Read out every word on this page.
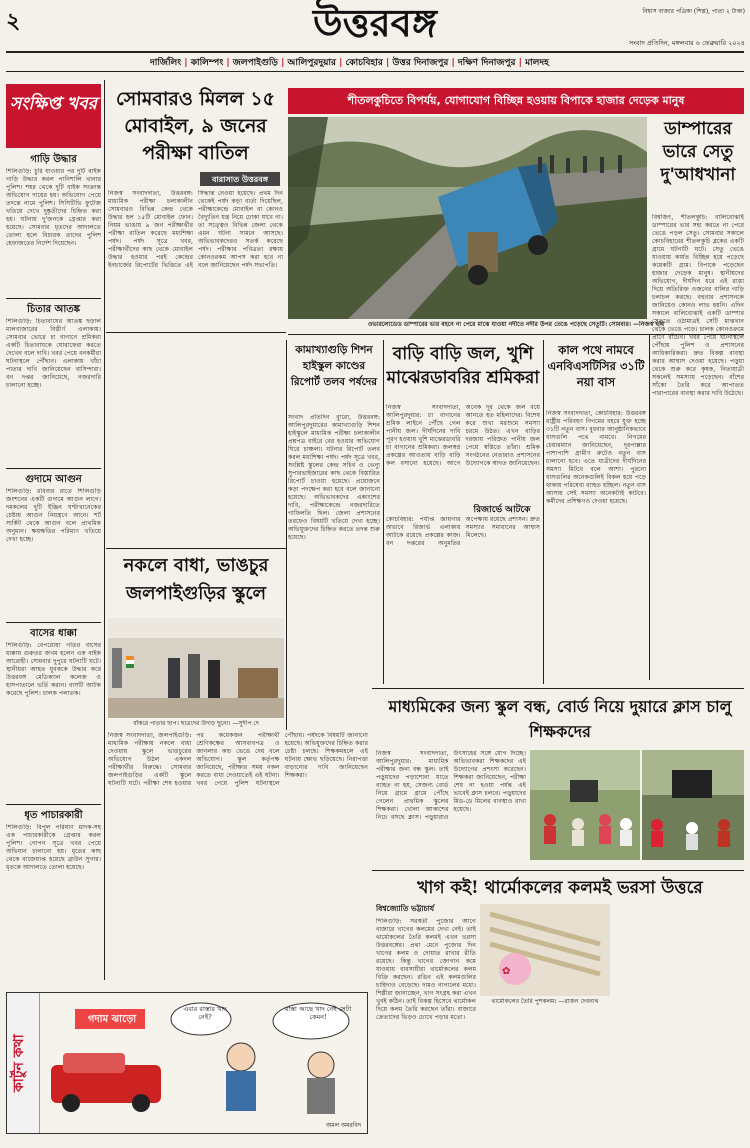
২	উত্তরবঙ্গ	বিশ্বাস বাজার পত্রিকা (শিল্প), পাতা ২ টাকা)
সংবাদ প্রতিদিন, মঙ্গলবার ৬ ফেব্রুয়ারি ২০২৪
দার্জিলিং | কালিম্পং | জলপাইগুড়ি | আলিপুরদুয়ার | কোচবিহার | উত্তর দিনাজপুর | দক্ষিণ দিনাজপুর | মালদহ
সংক্ষিপ্ত খবর
গাড়ি উদ্ধার
শিলিগুড়ি: চুরি যাওয়ার পর দুটি বাইক গাড়ি উদ্ধার করল পানিশালি থানার পুলিশ। শহর থেকে দুটি বাইক সংক্রান্ত অভিযোগ দায়ের হয়। অভিযোগ পেয়ে তদন্তে নামে পুলিশ। সিসিটিভি ফুটেজ খতিয়ে দেখে দুষ্কৃতীদের চিহ্নিত করা হয়। ঘটনায় দু'জনকে গ্রেপ্তার করা হয়েছে। সোমবার ধৃতদের আদালতে তোলা হলে বিচারক তাদের পুলিশ হেফাজতের নির্দেশ দিয়েছেন।
চিতার আতঙ্ক
শিলিগুড়ি: চিতাবাঘের আতঙ্ক ছড়াল মালবাজারের বিস্তীর্ণ এলাকায়। সোমবার ভোরে চা বাগানে শ্রমিকরা একটি চিতাবাঘকে ঘোরাফেরা করতে দেখেন বলে দাবি। খবর পেয়ে বনকর্মীরা ঘটনাস্থলে পৌঁছান। এলাকায় খাঁচা পাতার দাবি জানিয়েছেন বাসিন্দারা। বন দপ্তর জানিয়েছে, নজরদারি চালানো হচ্ছে।
গুদামে আগুন
শিলিগুড়ি: রবিবার রাতে শিলিগুড়ি জংশনের একটি গুদামে আগুন লাগে। দমকলের দুটি ইঞ্জিন ঘণ্টাখানেকের চেষ্টায় আগুন নিয়ন্ত্রণে আনে। শর্ট সার্কিট থেকে আগুন বলে প্রাথমিক অনুমান। ক্ষয়ক্ষতির পরিমাণ খতিয়ে দেখা হচ্ছে।
বাসের ধাক্কা
শিলিগুড়ি: বেপরোয়া গতির বাসের ধাক্কায় গুরুতর জখম হলেন এক বাইক আরোহী। সোমবার দুপুরে ঘটনাটি ঘটে। স্থানীয়রা আহত যুবককে উদ্ধার করে উত্তরবঙ্গ মেডিক্যাল কলেজ ও হাসপাতালে ভর্তি করান। বাসটি আটক করেছে পুলিশ। চালক পলাতক।
ধৃত পাচারকারী
শিলিগুড়ি: বিপুল পরিমাণ মাদক-সহ এক পাচারকারীকে গ্রেপ্তার করল পুলিশ। গোপন সূত্রে খবর পেয়ে অভিযান চালানো হয়। ধৃতের কাছ থেকে বাজেয়াপ্ত হয়েছে ব্রাউন সুগার। ধৃতকে আদালতে তোলা হয়েছে।
সোমবারও মিলল ১৫ মোবাইল, ৯ জনের পরীক্ষা বাতিল
বারাসাত উত্তরবঙ্গ
নিজস্ব সংবাদদাতা, উত্তরবঙ্গ: মাধ্যমিক পরীক্ষা চলাকালীন সোমবারও বিভিন্ন কেন্দ্র থেকে উদ্ধার হল ১৫টি মোবাইল ফোন। নিয়ম ভাঙায় ৯ জন পরীক্ষার্থীর পরীক্ষা বাতিল করেছে মধ্যশিক্ষা পর্ষদ। পর্ষদ সূত্রে খবর, পরীক্ষার্থীদের কাছ থেকে মোবাইল উদ্ধার হওয়ার পরই কেন্দ্রের ইনচার্জের রিপোর্টের ভিত্তিতে এই সিদ্ধান্ত নেওয়া হয়েছে। প্রথম দিন থেকেই পর্ষদ কড়া বার্তা দিয়েছিল, পরীক্ষাকেন্দ্রে মোবাইল বা কোনও বৈদ্যুতিন যন্ত্র নিয়ে ঢোকা যাবে না। তা সত্ত্বেও বিভিন্ন জেলা থেকে এমন ঘটনা সামনে আসছে। অভিভাবকদেরও সতর্ক করেছে পর্ষদ। পরীক্ষার পবিত্রতা রক্ষায় কোনওরকম আপস করা হবে না বলে জানিয়েছেন পর্ষদ সভাপতি।
শীতলকুচিতে বিপর্যয়, যোগাযোগ বিচ্ছিন্ন হওয়ায় বিপাকে হাজার দেড়েক মানুষ
ওভারলোডেড ডাম্পারের ভার বহনে না পেরে মাঝে যাওয়া নদীতে নদীর উপর তেঙে পড়েছে সেতুটি। সোমবার। —নিজস্ব ছবি
ডাম্পারের ভারে সেতু দু'আধখানা
বিশ্বজিৎ, শীতলকুচি: বালিবোঝাই ডাম্পারের ভার সহ্য করতে না পেরে ভেঙে পড়ল সেতু। সোমবার সকালে কোচবিহারের শীতলকুচি ব্লকের একটি গ্রামে ঘটনাটি ঘটে। সেতু ভেঙে যাওয়ায় কার্যত বিচ্ছিন্ন হয়ে পড়েছে কয়েকটি গ্রাম। বিপাকে পড়েছেন হাজার দেড়েক মানুষ। স্থানীয়দের অভিযোগ, দীর্ঘদিন ধরে এই রাস্তা দিয়ে অতিরিক্ত ওজনের বালির গাড়ি চলাচল করছে। বহুবার প্রশাসনকে জানিয়েও কোনও লাভ হয়নি। এদিন সকালে বালিবোঝাই একটি ডাম্পার সেতুতে ওঠামাত্রই সেটি মাঝখান থেকে ভেঙে পড়ে। চালক কোনওক্রমে প্রাণে বাঁচেন। খবর পেয়ে ঘটনাস্থলে পৌঁছায় পুলিশ ও প্রশাসনের আধিকারিকরা। দ্রুত বিকল্প ব্যবস্থা করার আশ্বাস দেওয়া হয়েছে। পড়ুয়া থেকে শুরু করে কৃষক, নিত্যযাত্রী সকলেই সমস্যায় পড়েছেন। বাঁশের সাঁকো তৈরি করে আপাতত পারাপারের ব্যবস্থা করার দাবি উঠেছে।
কামাখ্যাগুড়ি শিশন হাইস্কুল কাণ্ডের রিপোর্ট তলব পর্ষদের
সংবাদ প্রতিদিন ব্যুরো, উত্তরবঙ্গ: আলিপুরদুয়ারের কামাখ্যাগুড়ি শিশন হাইস্কুলে মাধ্যমিক পরীক্ষা চলাকালীন প্রশ্নপত্র বাইরে বের হওয়ার অভিযোগ ঘিরে চাঞ্চল্য। ঘটনার রিপোর্ট তলব করল মধ্যশিক্ষা পর্ষদ। পর্ষদ সূত্রে খবর, সংশ্লিষ্ট স্কুলের কেন্দ্র সচিব ও ভেন্যু সুপারভাইজারের কাছ থেকে বিস্তারিত রিপোর্ট চাওয়া হয়েছে। প্রয়োজনে কড়া পদক্ষেপ করা হবে বলে জানানো হয়েছে। অভিভাবকদের একাংশের দাবি, পরীক্ষাকেন্দ্রে নজরদারিতে গাফিলতি ছিল। জেলা প্রশাসনের তরফেও বিষয়টি খতিয়ে দেখা হচ্ছে। অভিযুক্তদের চিহ্নিত করতে তদন্ত শুরু হয়েছে।
বাড়ি বাড়ি জল, খুশি মাঝেরডাবরির শ্রমিকরা
নিজস্ব সংবাদদাতা, আলিপুরদুয়ার: চা বাগানের শ্রমিক লাইনে পৌঁছে গেল পানীয় জল। দীর্ঘদিনের দাবি পূরণ হওয়ায় খুশি মাঝেরডাবরি চা বাগানের শ্রমিকরা। জলস্বপ্ন প্রকল্পের আওতায় বাড়ি বাড়ি কল বসানো হয়েছে। আগে অনেক দূর থেকে জল বয়ে আনতে হত মহিলাদের। বিশেষ করে শুখা মরশুমে সমস্যা চরমে উঠত। এখন বাড়ির দরজায় পরিস্রুত পানীয় জল পেয়ে স্বস্তিতে তাঁরা। শ্রমিক সংগঠনের নেতারাও প্রশাসনের উদ্যোগকে স্বাগত জানিয়েছেন।
রিজার্ভে আটকে
কোচবিহার: পর্যাপ্ত জায়গার অভাবে রিজার্ভ এলাকায় আটকে রয়েছে প্রকল্পের কাজ। বন দপ্তরের অনুমতির অপেক্ষায় রয়েছে প্রশাসন। দ্রুত সমস্যার সমাধানের আশ্বাস মিলেছে।
কাল পথে নামবে এনবিএসটিসির ৩১টি নয়া বাস
নিজস্ব সংবাদদাতা, কোচবিহার: উত্তরবঙ্গ রাষ্ট্রীয় পরিবহণ নিগমের বহরে যুক্ত হচ্ছে ৩১টি নতুন বাস। বুধবার আনুষ্ঠানিকভাবে বাসগুলি পথে নামবে। নিগমের চেয়ারম্যান জানিয়েছেন, দূরপাল্লার পাশাপাশি গ্রামীণ রুটেও নতুন বাস চালানো হবে। এতে যাত্রীদের দীর্ঘদিনের সমস্যা মিটবে বলে আশা। পুরনো বাসগুলির অনেকগুলিই বিকল হয়ে পড়ে থাকায় পরিষেবা ব্যাহত হচ্ছিল। নতুন বাস আসায় সেই সমস্যা অনেকটাই কাটবে। কর্মীদের প্রশিক্ষণও দেওয়া হয়েছে।
নকলে বাধা, ভাঙচুর জলপাইগুড়ির স্কুলে
বাঁকরে পাতার ছাপ। ছাত্রদের উদাড় ছুনো। —সুদীপ দে
নিজস্ব সংবাদদাতা, জলপাইগুড়ি: মাধ্যমিক পরীক্ষায় নকলে বাধা দেওয়ায় স্কুলে ভাঙচুরের অভিযোগ উঠল একদল পরীক্ষার্থীর বিরুদ্ধে। সোমবার জলপাইগুড়ির একটি স্কুলে ঘটনাটি ঘটে। পরীক্ষা শেষ হওয়ার পর কয়েকজন পরীক্ষার্থী শ্রেণিকক্ষের আসবাবপত্র ও জানলার কাচ ভেঙে দেয় বলে অভিযোগ। স্কুল কর্তৃপক্ষ জানিয়েছে, পরীক্ষার সময় নকল করতে বাধা দেওয়াতেই এই ঘটনা। খবর পেয়ে পুলিশ ঘটনাস্থলে পৌঁছায়। পর্ষদকে বিষয়টি জানানো হয়েছে। অভিযুক্তদের চিহ্নিত করার চেষ্টা চলছে। শিক্ষকমহলে এই ঘটনায় ক্ষোভ ছড়িয়েছে। নিরাপত্তা বাড়ানোর দাবি জানিয়েছেন শিক্ষকরা।
মাধ্যমিকের জন্য স্কুল বন্ধ, বোর্ড নিয়ে দুয়ারে ক্লাস চালু শিক্ষকদের
নিজস্ব সংবাদদাতা, আলিপুরদুয়ার: মাধ্যমিক পরীক্ষার জন্য বন্ধ স্কুল। তাই পড়ুয়াদের পড়াশোনা যাতে ব্যাহত না হয়, সেজন্য বোর্ড নিয়ে গ্রামে গ্রামে পৌঁছে গেলেন প্রাথমিক স্কুলের শিক্ষকরা। খোলা আকাশের নিচে বসছে ক্লাস। পড়ুয়ারাও উৎসাহের সঙ্গে যোগ দিচ্ছে। অভিভাবকরা শিক্ষকদের এই উদ্যোগের প্রশংসা করেছেন। শিক্ষকরা জানিয়েছেন, পরীক্ষা শেষ না হওয়া পর্যন্ত এই ভাবেই ক্লাস চলবে। পড়ুয়াদের মিড-ডে মিলের ব্যবস্থাও রাখা হয়েছে।
খাগ কই! থার্মোকলের কলমই ভরসা উত্তরে
বিশ্বজ্যোতি ভট্টাচার্য
শিলিগুড়ি: সরস্বতী পুজোর আগে বাজারে খাগের কলমের দেখা নেই। তাই থার্মোকলের তৈরি কলমই এখন ভরসা উত্তরবঙ্গের। প্রথা মেনে পুজোর দিন খাগের কলম ও দোয়াত রাখার রীতি রয়েছে। কিন্তু খাগের জোগান কমে যাওয়ায় ব্যবসায়ীরা থার্মোকলের কলম বিক্রি করছেন। রঙিন এই কলমগুলির চাহিদাও বেড়েছে। দামও নাগালের মধ্যে। শিল্পীরা জানাচ্ছেন, খাগ সংগ্রহ করা এখন খুবই কঠিন। তাই বিকল্প হিসেবে থার্মোকল দিয়ে কলম তৈরি করছেন তাঁরা। বাজারে ক্রেতাদের ভিড়ও চোখে পড়ার মতো।
✿
থার্মোকলের তৈরি পুশকলম। —রাজন দেবনাথ
কার্টুন কথা
গদাম ঝাড়ো
এবার রাস্তার খাদ নেই?
রাস্তা আছে খাদ নেই সেটা কেমন!
অমল অমরবিদ
